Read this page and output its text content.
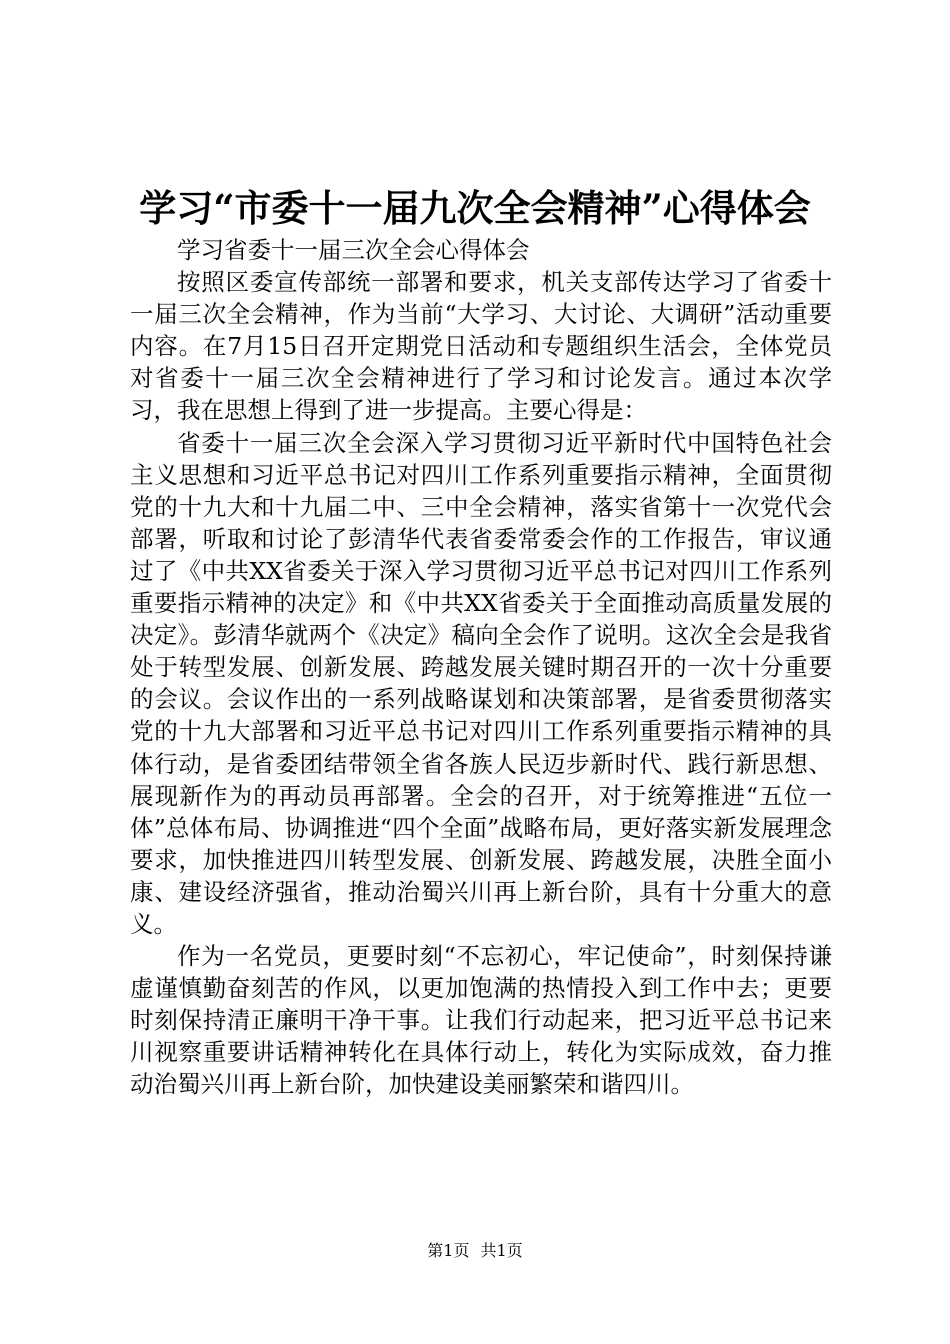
学习“市委十一届九次全会精神”心得体会

学习省委十一届三次全会心得体会

按照区委宣传部统一部署和要求，机关支部传达学习了省委十一届三次全会精神，作为当前“大学习、大讨论、大调研”活动重要内容。在7月15日召开定期党日活动和专题组织生活会，全体党员对省委十一届三次全会精神进行了学习和讨论发言。通过本次学习，我在思想上得到了进一步提高。主要心得是：

省委十一届三次全会深入学习贯彻习近平新时代中国特色社会主义思想和习近平总书记对四川工作系列重要指示精神，全面贯彻党的十九大和十九届二中、三中全会精神，落实省第十一次党代会部署，听取和讨论了彭清华代表省委常委会作的工作报告，审议通过了《中共XX省委关于深入学习贯彻习近平总书记对四川工作系列重要指示精神的决定》和《中共XX省委关于全面推动高质量发展的决定》。彭清华就两个《决定》稿向全会作了说明。这次全会是我省处于转型发展、创新发展、跨越发展关键时期召开的一次十分重要的会议。会议作出的一系列战略谋划和决策部署，是省委贯彻落实党的十九大部署和习近平总书记对四川工作系列重要指示精神的具体行动，是省委团结带领全省各族人民迈步新时代、践行新思想、展现新作为的再动员再部署。全会的召开，对于统筹推进“五位一体”总体布局、协调推进“四个全面”战略布局，更好落实新发展理念要求，加快推进四川转型发展、创新发展、跨越发展，决胜全面小康、建设经济强省，推动治蜀兴川再上新台阶，具有十分重大的意义。

作为一名党员，更要时刻“不忘初心，牢记使命”，时刻保持谦虚谨慎勤奋刻苦的作风，以更加饱满的热情投入到工作中去；更要时刻保持清正廉明干净干事。让我们行动起来，把习近平总书记来川视察重要讲话精神转化在具体行动上，转化为实际成效，奋力推动治蜀兴川再上新台阶，加快建设美丽繁荣和谐四川。

第1页 共1页
